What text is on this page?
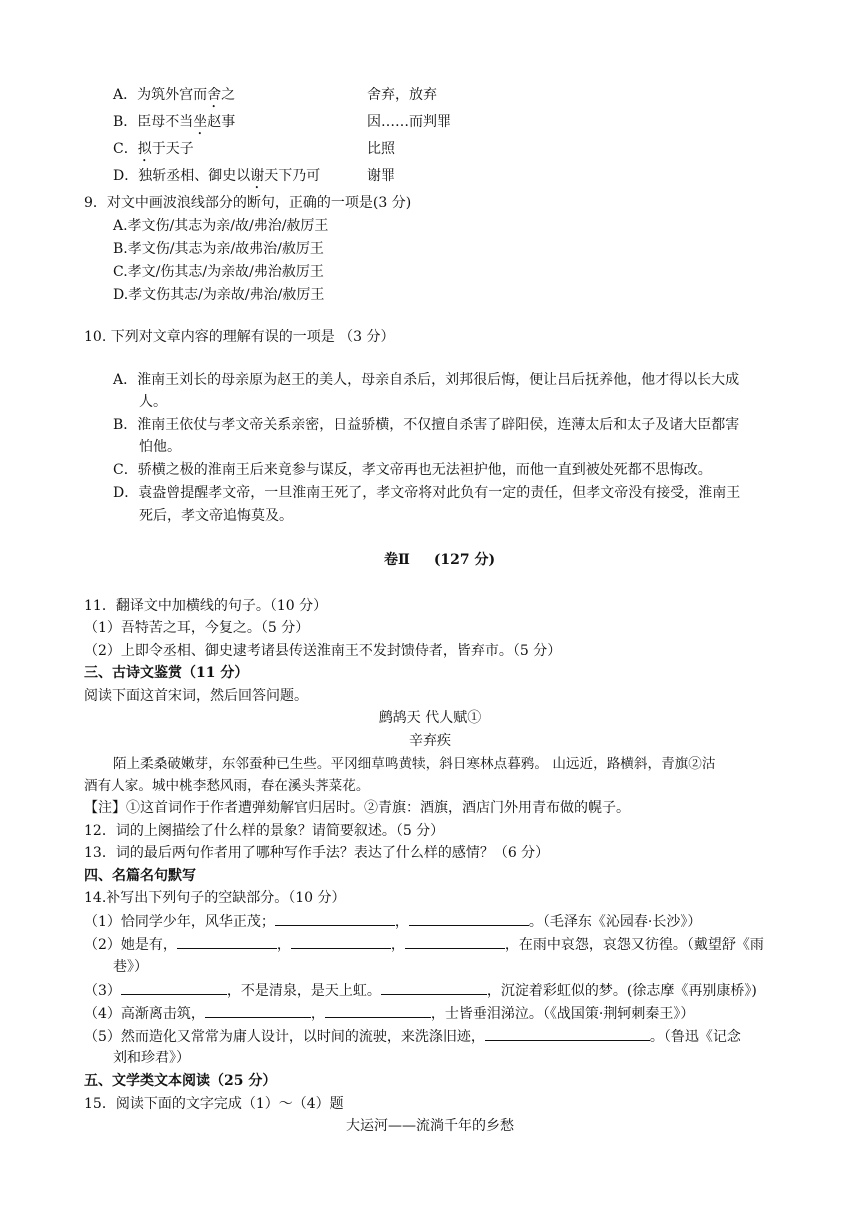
A．为筑外宫而舍之	舍弃，放弃
B．臣母不当坐赵事	因……而判罪
C．拟于天子	比照
D．独斩丞相、御史以谢天下乃可	谢罪
9．对文中画波浪线部分的断句，正确的一项是(3 分)
A.孝文伤/其志为亲/故/弗治/赦厉王
B.孝文伤/其志为亲/故弗治/赦厉王
C.孝文/伤其志/为亲故/弗治赦厉王
D.孝文伤其志/为亲故/弗治/赦厉王
10. 下列对文章内容的理解有误的一项是 （3 分）
A．淮南王刘长的母亲原为赵王的美人，母亲自杀后，刘邦很后悔，便让吕后抚养他，他才得以长大成
人。
B．淮南王依仗与孝文帝关系亲密，日益骄横，不仅擅自杀害了辟阳侯，连薄太后和太子及诸大臣都害
怕他。
C．骄横之极的淮南王后来竟参与谋反，孝文帝再也无法袒护他，而他一直到被处死都不思悔改。
D．袁盎曾提醒孝文帝，一旦淮南王死了，孝文帝将对此负有一定的责任，但孝文帝没有接受，淮南王
死后，孝文帝追悔莫及。
卷Ⅱ (127 分)
11．翻译文中加横线的句子。（10 分）
（1）吾特苦之耳，今复之。（5 分）
（2）上即令丞相、御史逮考诸县传送淮南王不发封馈侍者，皆弃市。（5 分）
三、古诗文鉴赏（11 分）
阅读下面这首宋词，然后回答问题。
鹧鸪天 代人赋①
辛弃疾
陌上柔桑破嫩芽，东邻蚕种已生些。平冈细草鸣黄犊，斜日寒林点暮鸦。 山远近，路横斜，青旗②沽
酒有人家。城中桃李愁风雨，春在溪头荠菜花。
【注】①这首词作于作者遭弹劾解官归居时。②青旗：酒旗，酒店门外用青布做的幌子。
12．词的上阕描绘了什么样的景象？请简要叙述。（5 分）
13．词的最后两句作者用了哪种写作手法？表达了什么样的感情？（6 分）
四、名篇名句默写
14.补写出下列句子的空缺部分。（10 分）
（1）恰同学少年，风华正茂；	，	。（毛泽东《沁园春·长沙》）
（2）她是有，	，	，	，在雨中哀怨，哀怨又彷徨。（戴望舒《雨
巷》）
（3）	，不是清泉，是天上虹。	，沉淀着彩虹似的梦。(徐志摩《再别康桥》)
（4）高渐离击筑，	，	，士皆垂泪涕泣。（《战国策·荆轲刺秦王》）
（5）然而造化又常常为庸人设计，以时间的流驶，来洗涤旧迹，	。（鲁迅《记念
刘和珍君》）
五、文学类文本阅读（25 分）
15．阅读下面的文字完成（1）～（4）题
大运河——流淌千年的乡愁
